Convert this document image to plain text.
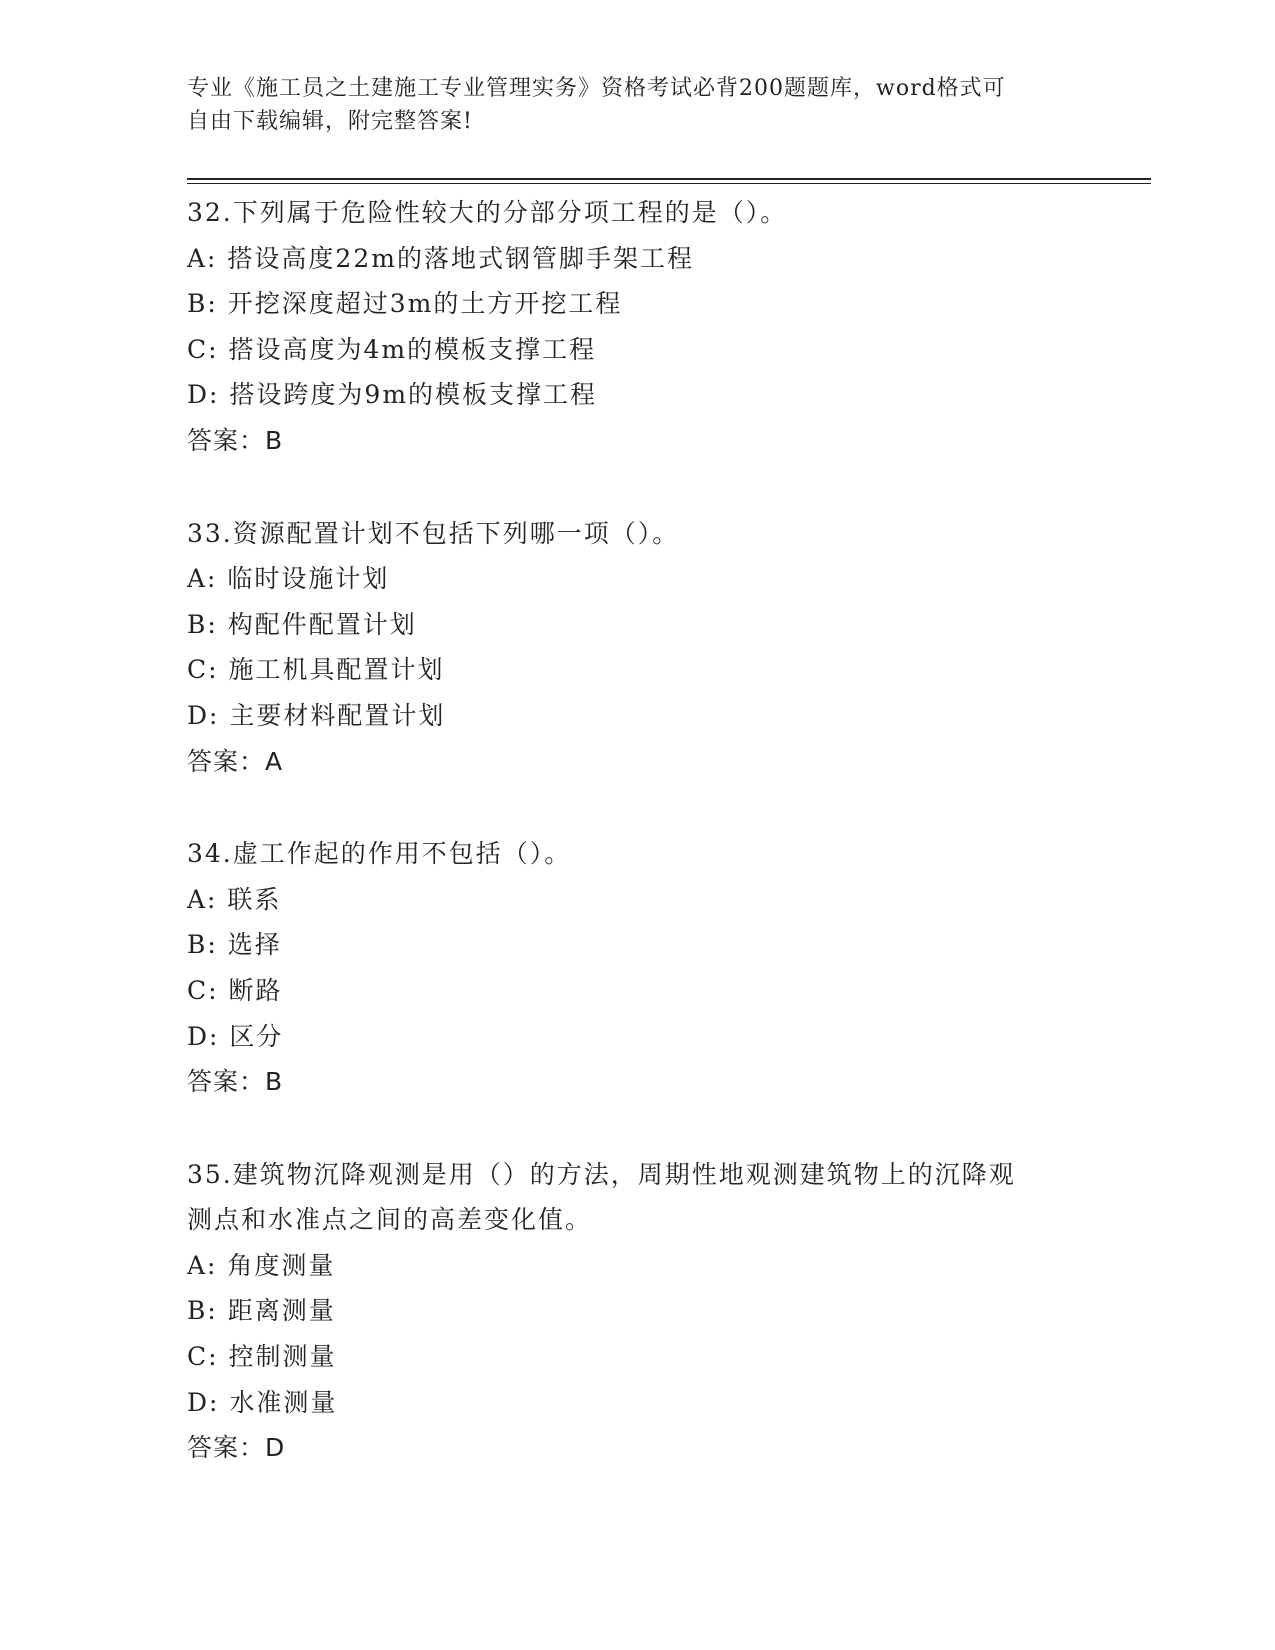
专业《施工员之土建施工专业管理实务》资格考试必背200题题库，word格式可
自由下载编辑，附完整答案!
32.下列属于危险性较大的分部分项工程的是（）。
A: 搭设高度22m的落地式钢管脚手架工程
B: 开挖深度超过3m的土方开挖工程
C: 搭设高度为4m的模板支撑工程
D: 搭设跨度为9m的模板支撑工程
答案：B
33.资源配置计划不包括下列哪一项（）。
A: 临时设施计划
B: 构配件配置计划
C: 施工机具配置计划
D: 主要材料配置计划
答案：A
34.虚工作起的作用不包括（）。
A: 联系
B: 选择
C: 断路
D: 区分
答案：B
35.建筑物沉降观测是用（）的方法，周期性地观测建筑物上的沉降观
测点和水准点之间的高差变化值。
A: 角度测量
B: 距离测量
C: 控制测量
D: 水准测量
答案：D
